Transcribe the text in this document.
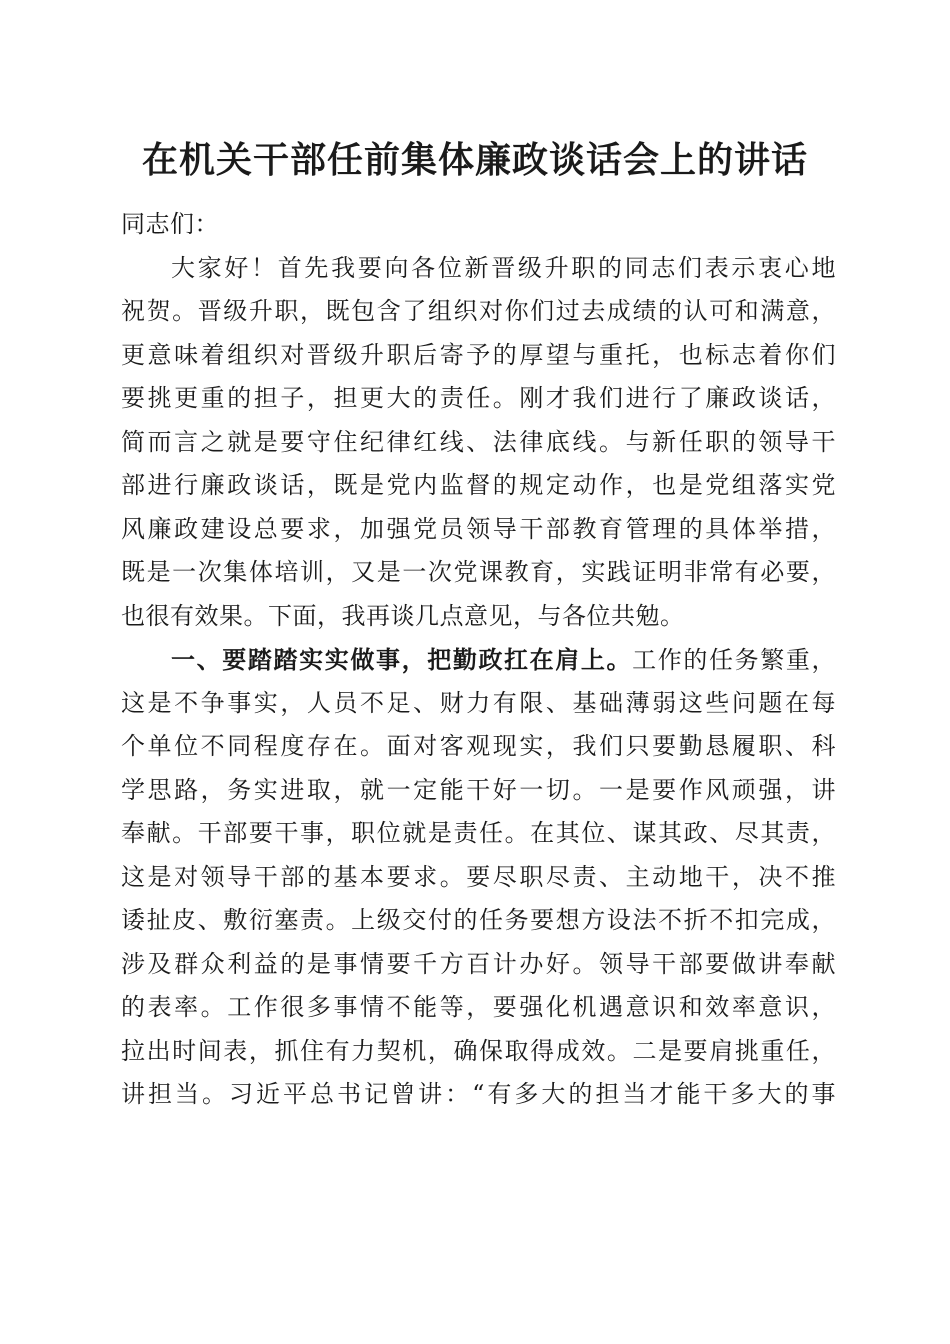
在机关干部任前集体廉政谈话会上的讲话
同志们：
大家好！首先我要向各位新晋级升职的同志们表示衷心地
祝贺。晋级升职，既包含了组织对你们过去成绩的认可和满意，
更意味着组织对晋级升职后寄予的厚望与重托，也标志着你们
要挑更重的担子，担更大的责任。刚才我们进行了廉政谈话，
简而言之就是要守住纪律红线、法律底线。与新任职的领导干
部进行廉政谈话，既是党内监督的规定动作，也是党组落实党
风廉政建设总要求，加强党员领导干部教育管理的具体举措，
既是一次集体培训，又是一次党课教育，实践证明非常有必要，
也很有效果。下面，我再谈几点意见，与各位共勉。
一、要踏踏实实做事，把勤政扛在肩上。工作的任务繁重，
这是不争事实，人员不足、财力有限、基础薄弱这些问题在每
个单位不同程度存在。面对客观现实，我们只要勤恳履职、科
学思路，务实进取，就一定能干好一切。一是要作风顽强，讲
奉献。干部要干事，职位就是责任。在其位、谋其政、尽其责，
这是对领导干部的基本要求。要尽职尽责、主动地干，决不推
诿扯皮、敷衍塞责。上级交付的任务要想方设法不折不扣完成，
涉及群众利益的是事情要千方百计办好。领导干部要做讲奉献
的表率。工作很多事情不能等，要强化机遇意识和效率意识，
拉出时间表，抓住有力契机，确保取得成效。二是要肩挑重任，
讲担当。习近平总书记曾讲：“有多大的担当才能干多大的事
